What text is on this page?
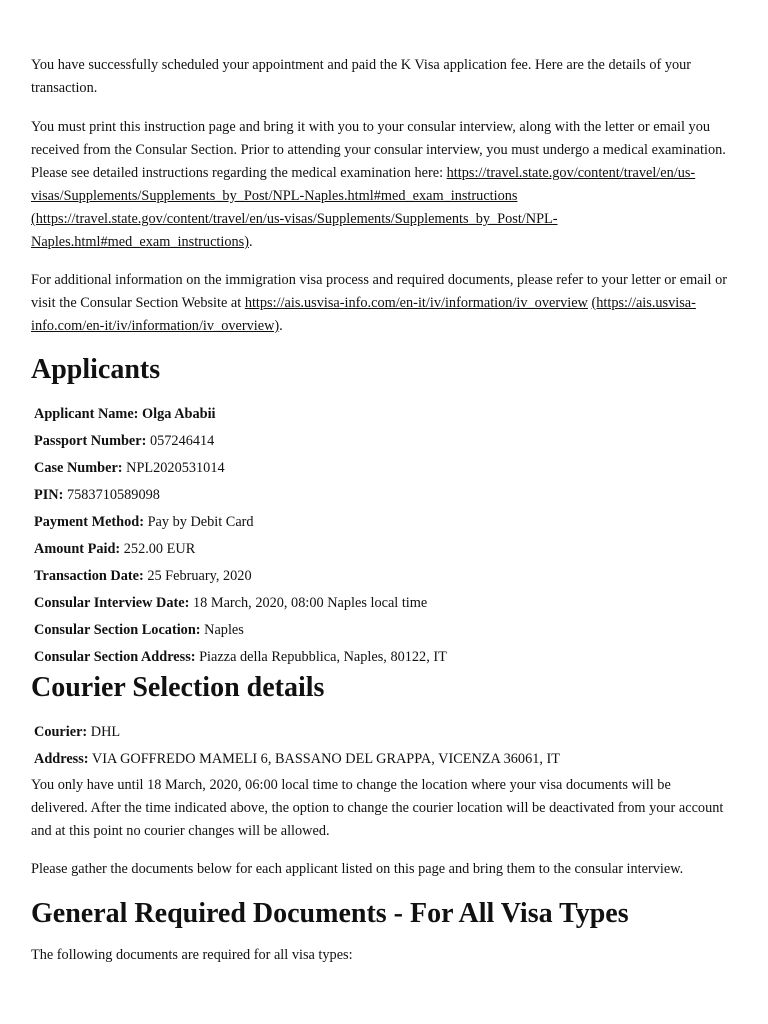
You have successfully scheduled your appointment and paid the K Visa application fee. Here are the details of your transaction.

You must print this instruction page and bring it with you to your consular interview, along with the letter or email you received from the Consular Section. Prior to attending your consular interview, you must undergo a medical examination. Please see detailed instructions regarding the medical examination here: https://travel.state.gov/content/travel/en/us-visas/Supplements/Supplements_by_Post/NPL-Naples.html#med_exam_instructions (https://travel.state.gov/content/travel/en/us-visas/Supplements/Supplements_by_Post/NPL-Naples.html#med_exam_instructions).

For additional information on the immigration visa process and required documents, please refer to your letter or email or visit the Consular Section Website at https://ais.usvisa-info.com/en-it/iv/information/iv_overview (https://ais.usvisa-info.com/en-it/iv/information/iv_overview).

Applicants
Applicant Name: Olga Ababii
Passport Number: 057246414
Case Number: NPL2020531014
PIN: 7583710589098
Payment Method: Pay by Debit Card
Amount Paid: 252.00 EUR
Transaction Date: 25 February, 2020
Consular Interview Date: 18 March, 2020, 08:00 Naples local time
Consular Section Location: Naples
Consular Section Address: Piazza della Repubblica, Naples, 80122, IT
Courier Selection details
Courier: DHL
Address: VIA GOFFREDO MAMELI 6, BASSANO DEL GRAPPA, VICENZA 36061, IT

You only have until 18 March, 2020, 06:00 local time to change the location where your visa documents will be delivered. After the time indicated above, the option to change the courier location will be deactivated from your account and at this point no courier changes will be allowed.

Please gather the documents below for each applicant listed on this page and bring them to the consular interview.

General Required Documents - For All Visa Types

The following documents are required for all visa types:
